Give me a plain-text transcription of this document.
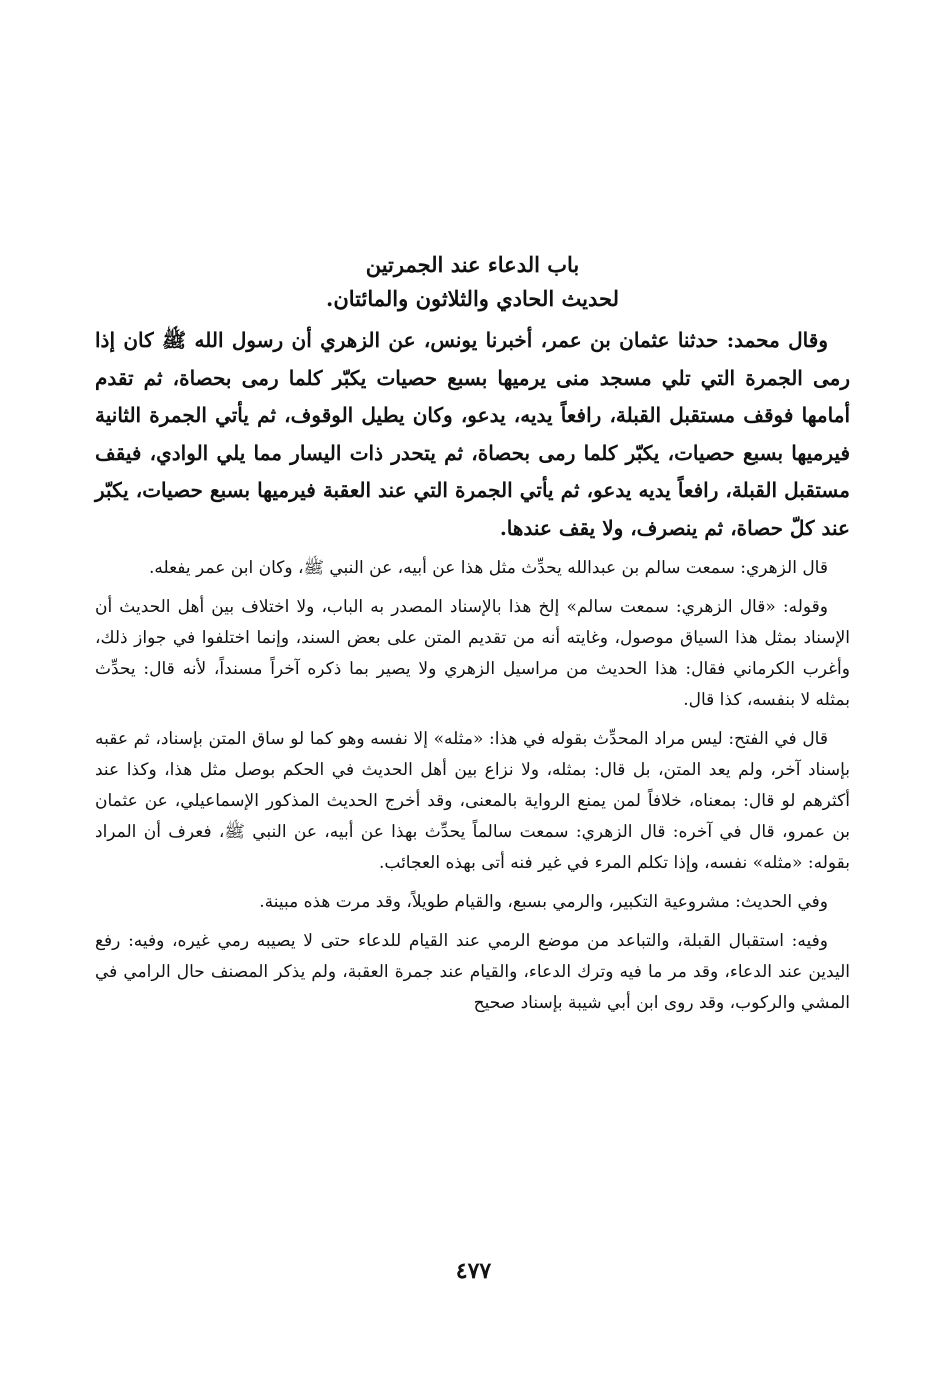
باب الدعاء عند الجمرتين
لحديث الحادي والثلاثون والمائتان.

وقال محمد: حدثنا عثمان بن عمر، أخبرنا يونس، عن الزهري أن رسول الله ﷺ كان إذا رمى الجمرة التي تلي مسجد منى يرميها بسبع حصيات يكبّر كلما رمى بحصاة، ثم تقدم أمامها فوقف مستقبل القبلة، رافعاً يديه، يدعو، وكان يطيل الوقوف، ثم يأتي الجمرة الثانية فيرميها بسبع حصيات، يكبّر كلما رمى بحصاة، ثم يتحدر ذات اليسار مما يلي الوادي، فيقف مستقبل القبلة، رافعاً يديه يدعو، ثم يأتي الجمرة التي عند العقبة فيرميها بسبع حصيات، يكبّر عند كلّ حصاة، ثم ينصرف، ولا يقف عندها.

قال الزهري: سمعت سالم بن عبدالله يحدِّث مثل هذا عن أبيه، عن النبي ﷺ، وكان ابن عمر يفعله.

وقوله: «قال الزهري: سمعت سالم» إلخ هذا بالإسناد المصدر به الباب، ولا اختلاف بين أهل الحديث أن الإسناد بمثل هذا السياق موصول، وغايته أنه من تقديم المتن على بعض السند، وإنما اختلفوا في جواز ذلك، وأغرب الكرماني فقال: هذا الحديث من مراسيل الزهري ولا يصير بما ذكره آخراً مسنداً، لأنه قال: يحدِّث بمثله لا بنفسه، كذا قال.

قال في الفتح: ليس مراد المحدِّث بقوله في هذا: «مثله» إلا نفسه وهو كما لو ساق المتن بإسناد، ثم عقبه بإسناد آخر، ولم يعد المتن، بل قال: بمثله، ولا نزاع بين أهل الحديث في الحكم بوصل مثل هذا، وكذا عند أكثرهم لو قال: بمعناه، خلافاً لمن يمنع الرواية بالمعنى، وقد أخرج الحديث المذكور الإسماعيلي، عن عثمان بن عمرو، قال في آخره: قال الزهري: سمعت سالماً يحدِّث بهذا عن أبيه، عن النبي ﷺ، فعرف أن المراد بقوله: «مثله» نفسه، وإذا تكلم المرء في غير فنه أتى بهذه العجائب.

وفي الحديث: مشروعية التكبير، والرمي بسبع، والقيام طويلاً، وقد مرت هذه مبينة.

وفيه: استقبال القبلة، والتباعد من موضع الرمي عند القيام للدعاء حتى لا يصيبه رمي غيره، وفيه: رفع اليدين عند الدعاء، وقد مر ما فيه وترك الدعاء، والقيام عند جمرة العقبة، ولم يذكر المصنف حال الرامي في المشي والركوب، وقد روى ابن أبي شيبة بإسناد صحيح

٤٧٧
